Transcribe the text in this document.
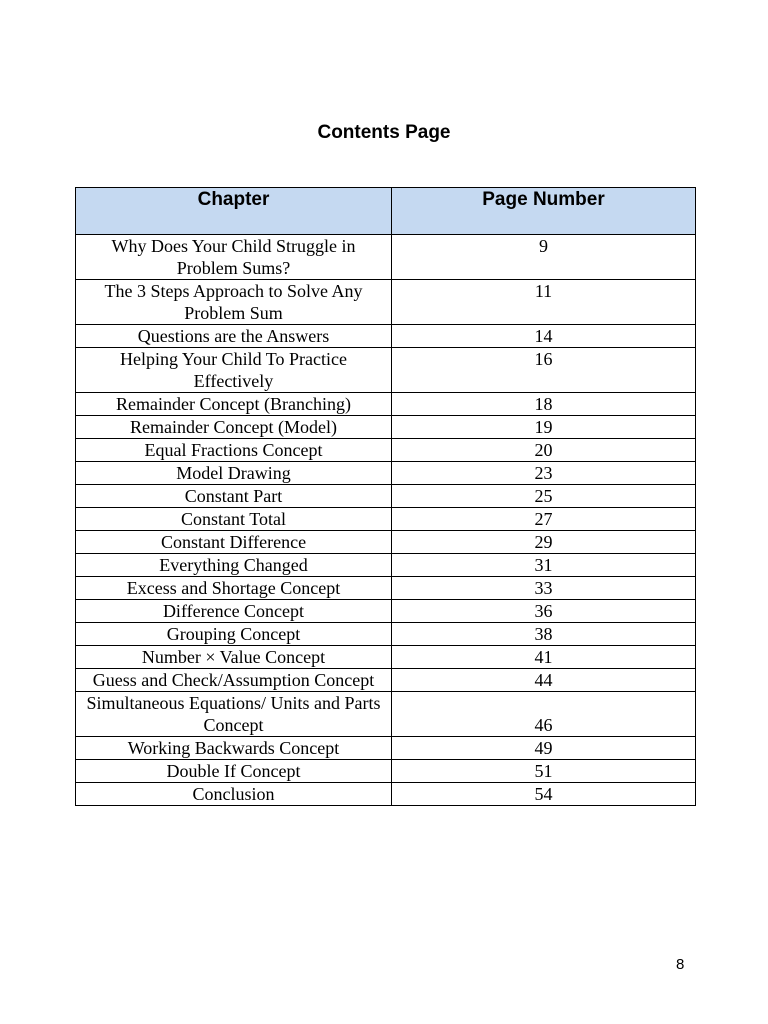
Contents Page
Chapter	Page Number
Why Does Your Child Struggle in Problem Sums?	9
The 3 Steps Approach to Solve Any Problem Sum	11
Questions are the Answers	14
Helping Your Child To Practice Effectively	16
Remainder Concept (Branching)	18
Remainder Concept (Model)	19
Equal Fractions Concept	20
Model Drawing	23
Constant Part	25
Constant Total	27
Constant Difference	29
Everything Changed	31
Excess and Shortage Concept	33
Difference Concept	36
Grouping Concept	38
Number × Value Concept	41
Guess and Check/Assumption Concept	44
Simultaneous Equations/ Units and Parts Concept	46
Working Backwards Concept	49
Double If Concept	51
Conclusion	54
8
